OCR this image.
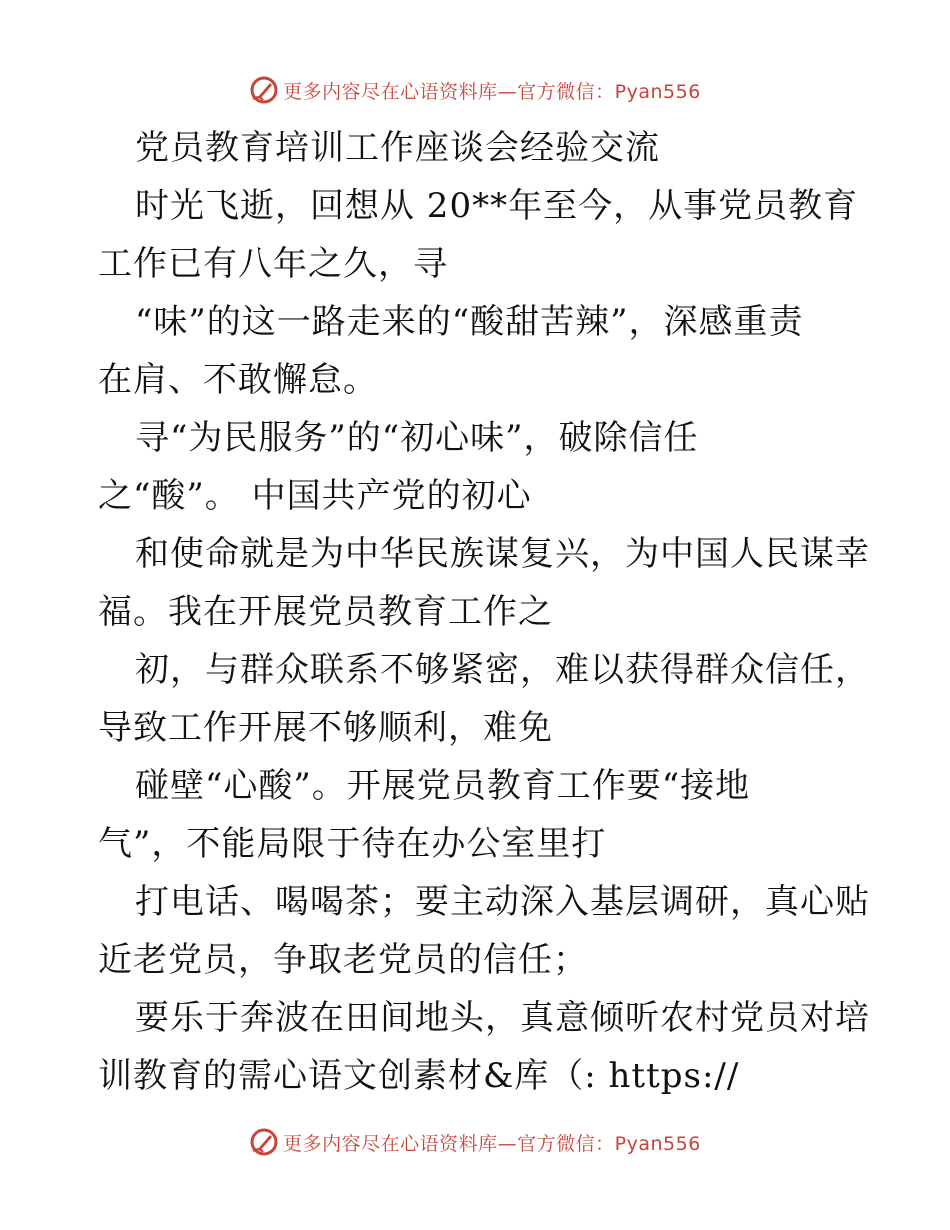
更多内容尽在心语资料库—官方微信：Pyan556
党员教育培训工作座谈会经验交流
时光飞逝，回想从 20**年至今，从事党员教育
工作已有八年之久，寻
“味”的这一路走来的“酸甜苦辣”，深感重责
在肩、不敢懈怠。
寻“为民服务”的“初心味”，破除信任
之“酸”。 中国共产党的初心
和使命就是为中华民族谋复兴，为中国人民谋幸
福。我在开展党员教育工作之
初，与群众联系不够紧密，难以获得群众信任，
导致工作开展不够顺利，难免
碰壁“心酸”。开展党员教育工作要“接地
气”，不能局限于待在办公室里打
打电话、喝喝茶；要主动深入基层调研，真心贴
近老党员，争取老党员的信任；
要乐于奔波在田间地头，真意倾听农村党员对培
训教育的需心语文创素材&库（: https://
更多内容尽在心语资料库—官方微信：Pyan556
